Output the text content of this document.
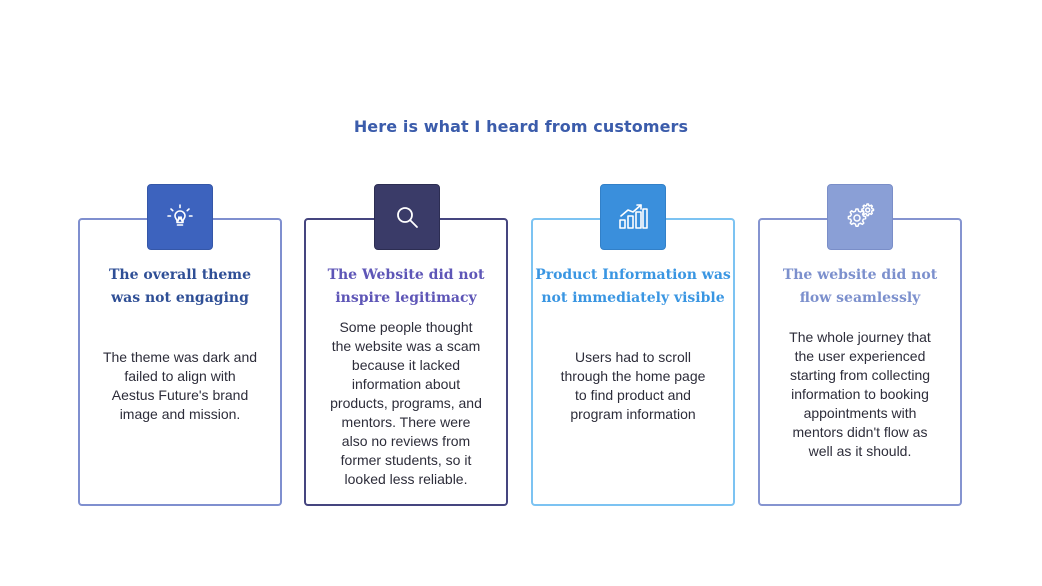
Here is what I heard from customers
The overall theme
was not engaging
The theme was dark and
failed to align with
Aestus Future's brand
image and mission.
The Website did not
inspire legitimacy
Some people thought
the website was a scam
because it lacked
information about
products, programs, and
mentors. There were
also no reviews from
former students, so it
looked less reliable.
Product Information was
not immediately visible
Users had to scroll
through the home page
to find product and
program information
The website did not
flow seamlessly
The whole journey that
the user experienced
starting from collecting
information to booking
appointments with
mentors didn't flow as
well as it should.
